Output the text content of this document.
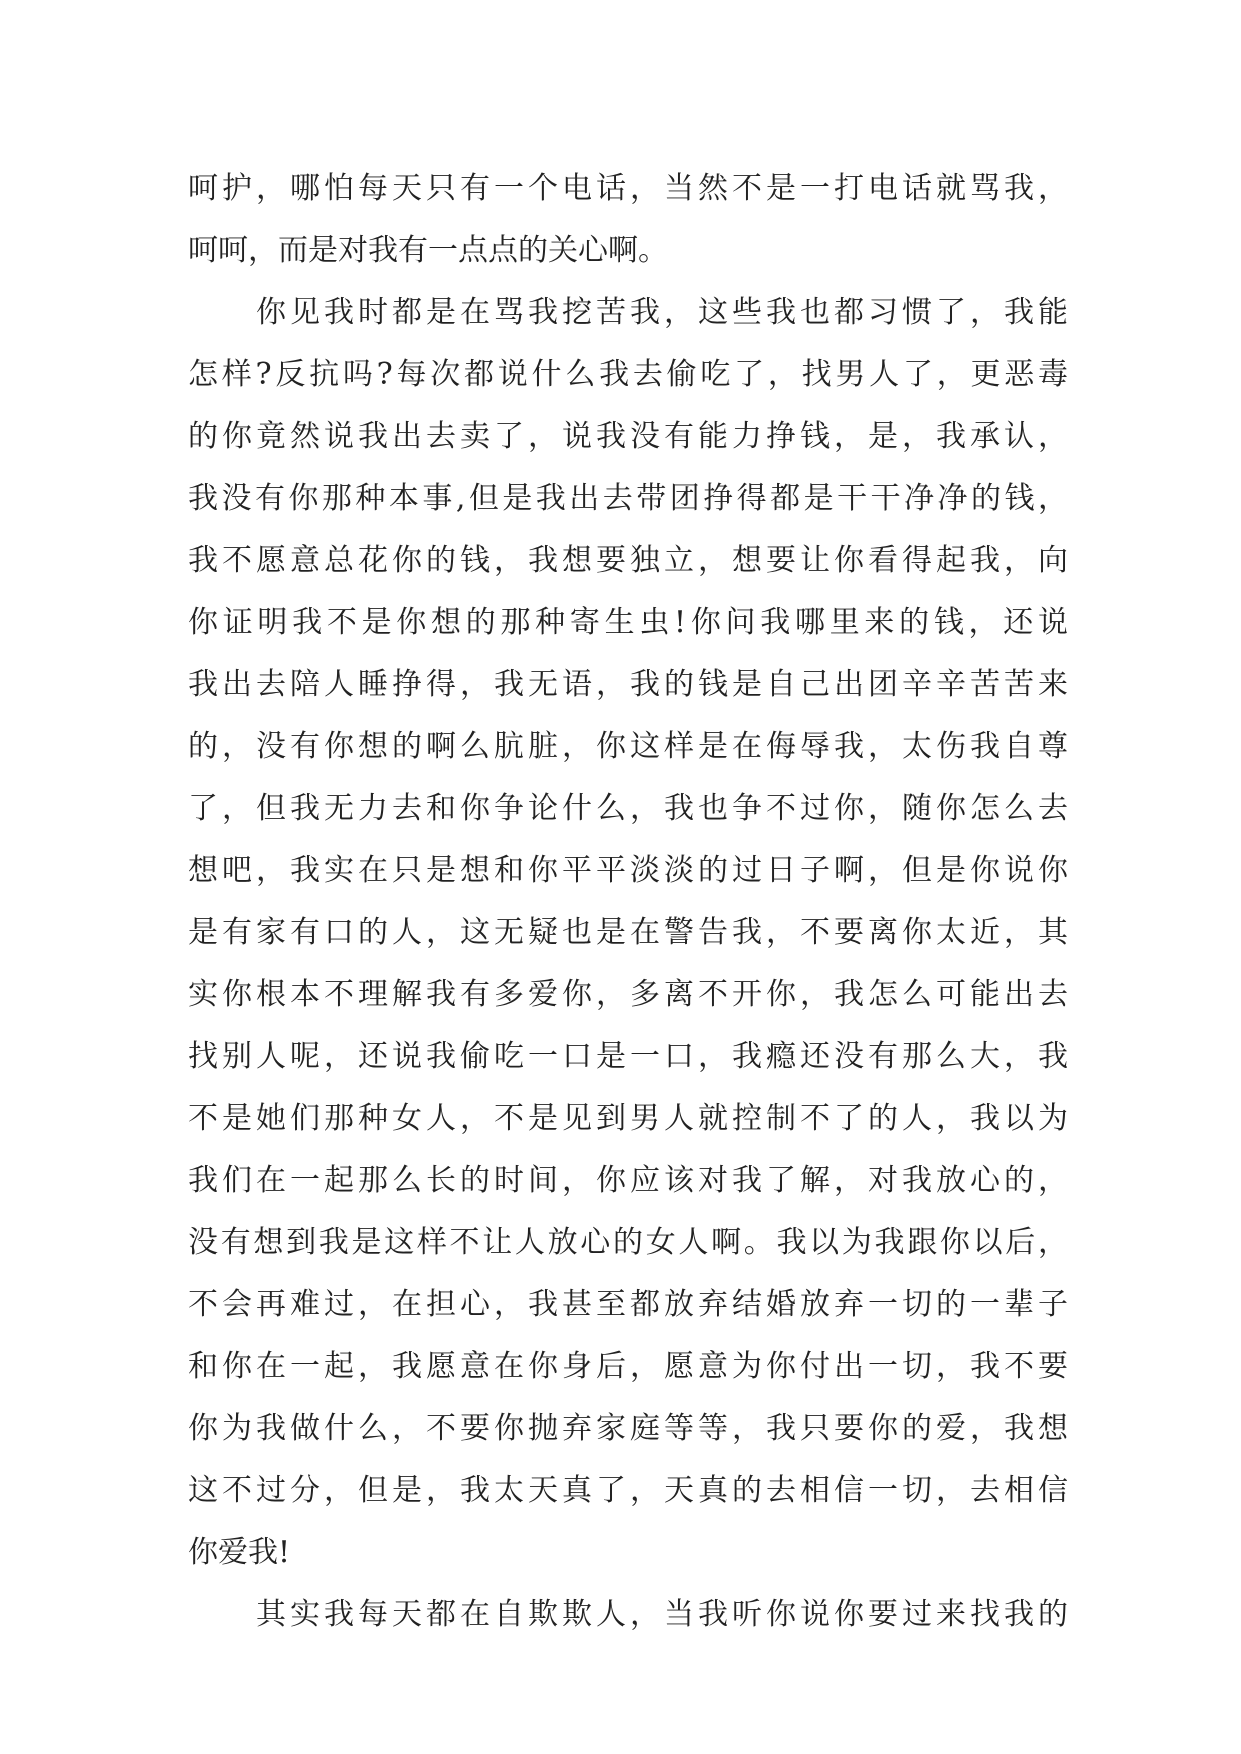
呵护，哪怕每天只有一个电话，当然不是一打电话就骂我，
呵呵，而是对我有一点点的关心啊。
你见我时都是在骂我挖苦我，这些我也都习惯了，我能
怎样?反抗吗?每次都说什么我去偷吃了，找男人了，更恶毒
的你竟然说我出去卖了，说我没有能力挣钱，是，我承认，
我没有你那种本事,但是我出去带团挣得都是干干净净的钱，
我不愿意总花你的钱，我想要独立，想要让你看得起我，向
你证明我不是你想的那种寄生虫!你问我哪里来的钱，还说
我出去陪人睡挣得，我无语，我的钱是自己出团辛辛苦苦来
的，没有你想的啊么肮脏，你这样是在侮辱我，太伤我自尊
了，但我无力去和你争论什么，我也争不过你，随你怎么去
想吧，我实在只是想和你平平淡淡的过日子啊，但是你说你
是有家有口的人，这无疑也是在警告我，不要离你太近，其
实你根本不理解我有多爱你，多离不开你，我怎么可能出去
找别人呢，还说我偷吃一口是一口，我瘾还没有那么大，我
不是她们那种女人，不是见到男人就控制不了的人，我以为
我们在一起那么长的时间，你应该对我了解，对我放心的，
没有想到我是这样不让人放心的女人啊。我以为我跟你以后，
不会再难过，在担心，我甚至都放弃结婚放弃一切的一辈子
和你在一起，我愿意在你身后，愿意为你付出一切，我不要
你为我做什么，不要你抛弃家庭等等，我只要你的爱，我想
这不过分，但是，我太天真了，天真的去相信一切，去相信
你爱我!
其实我每天都在自欺欺人，当我听你说你要过来找我的
